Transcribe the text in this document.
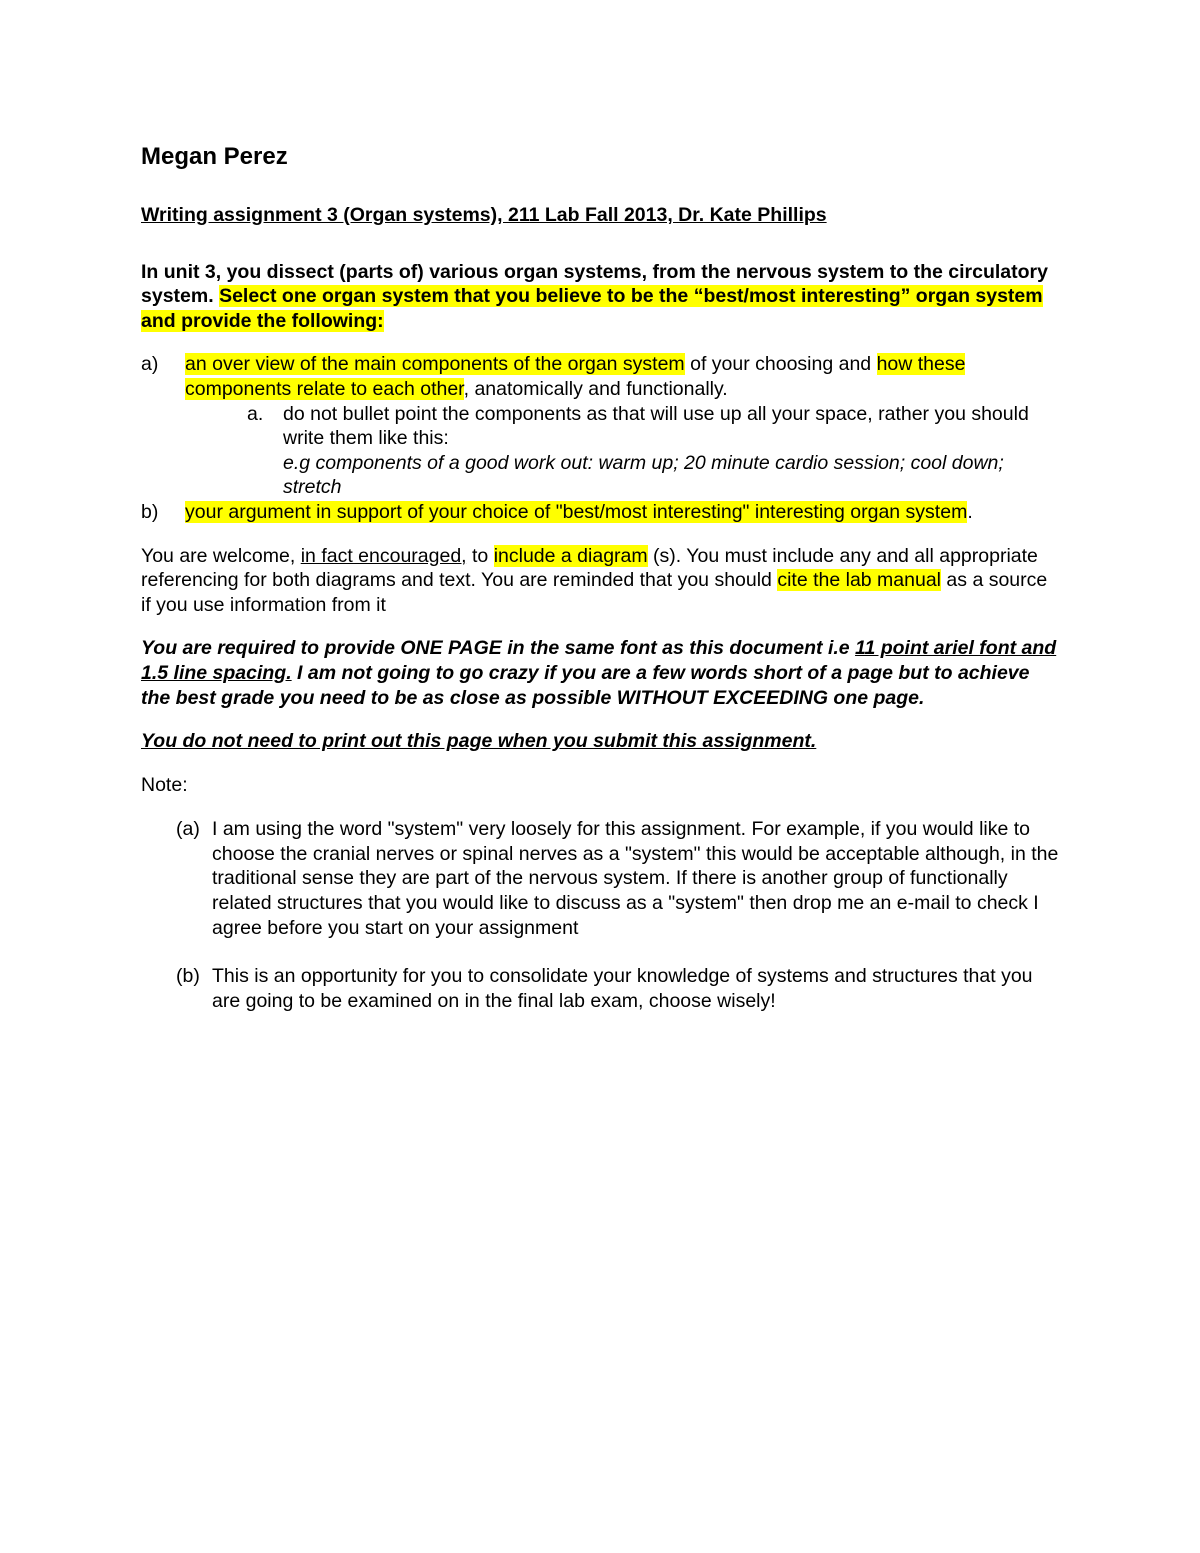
Megan Perez
Writing assignment 3 (Organ systems), 211 Lab Fall 2013, Dr. Kate Phillips
In unit 3, you dissect (parts of) various organ systems, from the nervous system to the circulatory system. Select one organ system that you believe to be the “best/most interesting” organ system and provide the following:
a) an over view of the main components of the organ system of your choosing and how these components relate to each other, anatomically and functionally.
a. do not bullet point the components as that will use up all your space, rather you should write them like this:
e.g components of a good work out: warm up; 20 minute cardio session; cool down; stretch
b) your argument in support of your choice of "best/most interesting" interesting organ system.
You are welcome, in fact encouraged, to include a diagram (s). You must include any and all appropriate referencing for both diagrams and text. You are reminded that you should cite the lab manual as a source if you use information from it
You are required to provide ONE PAGE in the same font as this document i.e 11 point ariel font and 1.5 line spacing. I am not going to go crazy if you are a few words short of a page but to achieve the best grade you need to be as close as possible WITHOUT EXCEEDING one page.
You do not need to print out this page when you submit this assignment.
Note:
(a) I am using the word "system" very loosely for this assignment. For example, if you would like to choose the cranial nerves or spinal nerves as a "system" this would be acceptable although, in the traditional sense they are part of the nervous system. If there is another group of functionally related structures that you would like to discuss as a "system" then drop me an e-mail to check I agree before you start on your assignment
(b) This is an opportunity for you to consolidate your knowledge of systems and structures that you are going to be examined on in the final lab exam, choose wisely!
